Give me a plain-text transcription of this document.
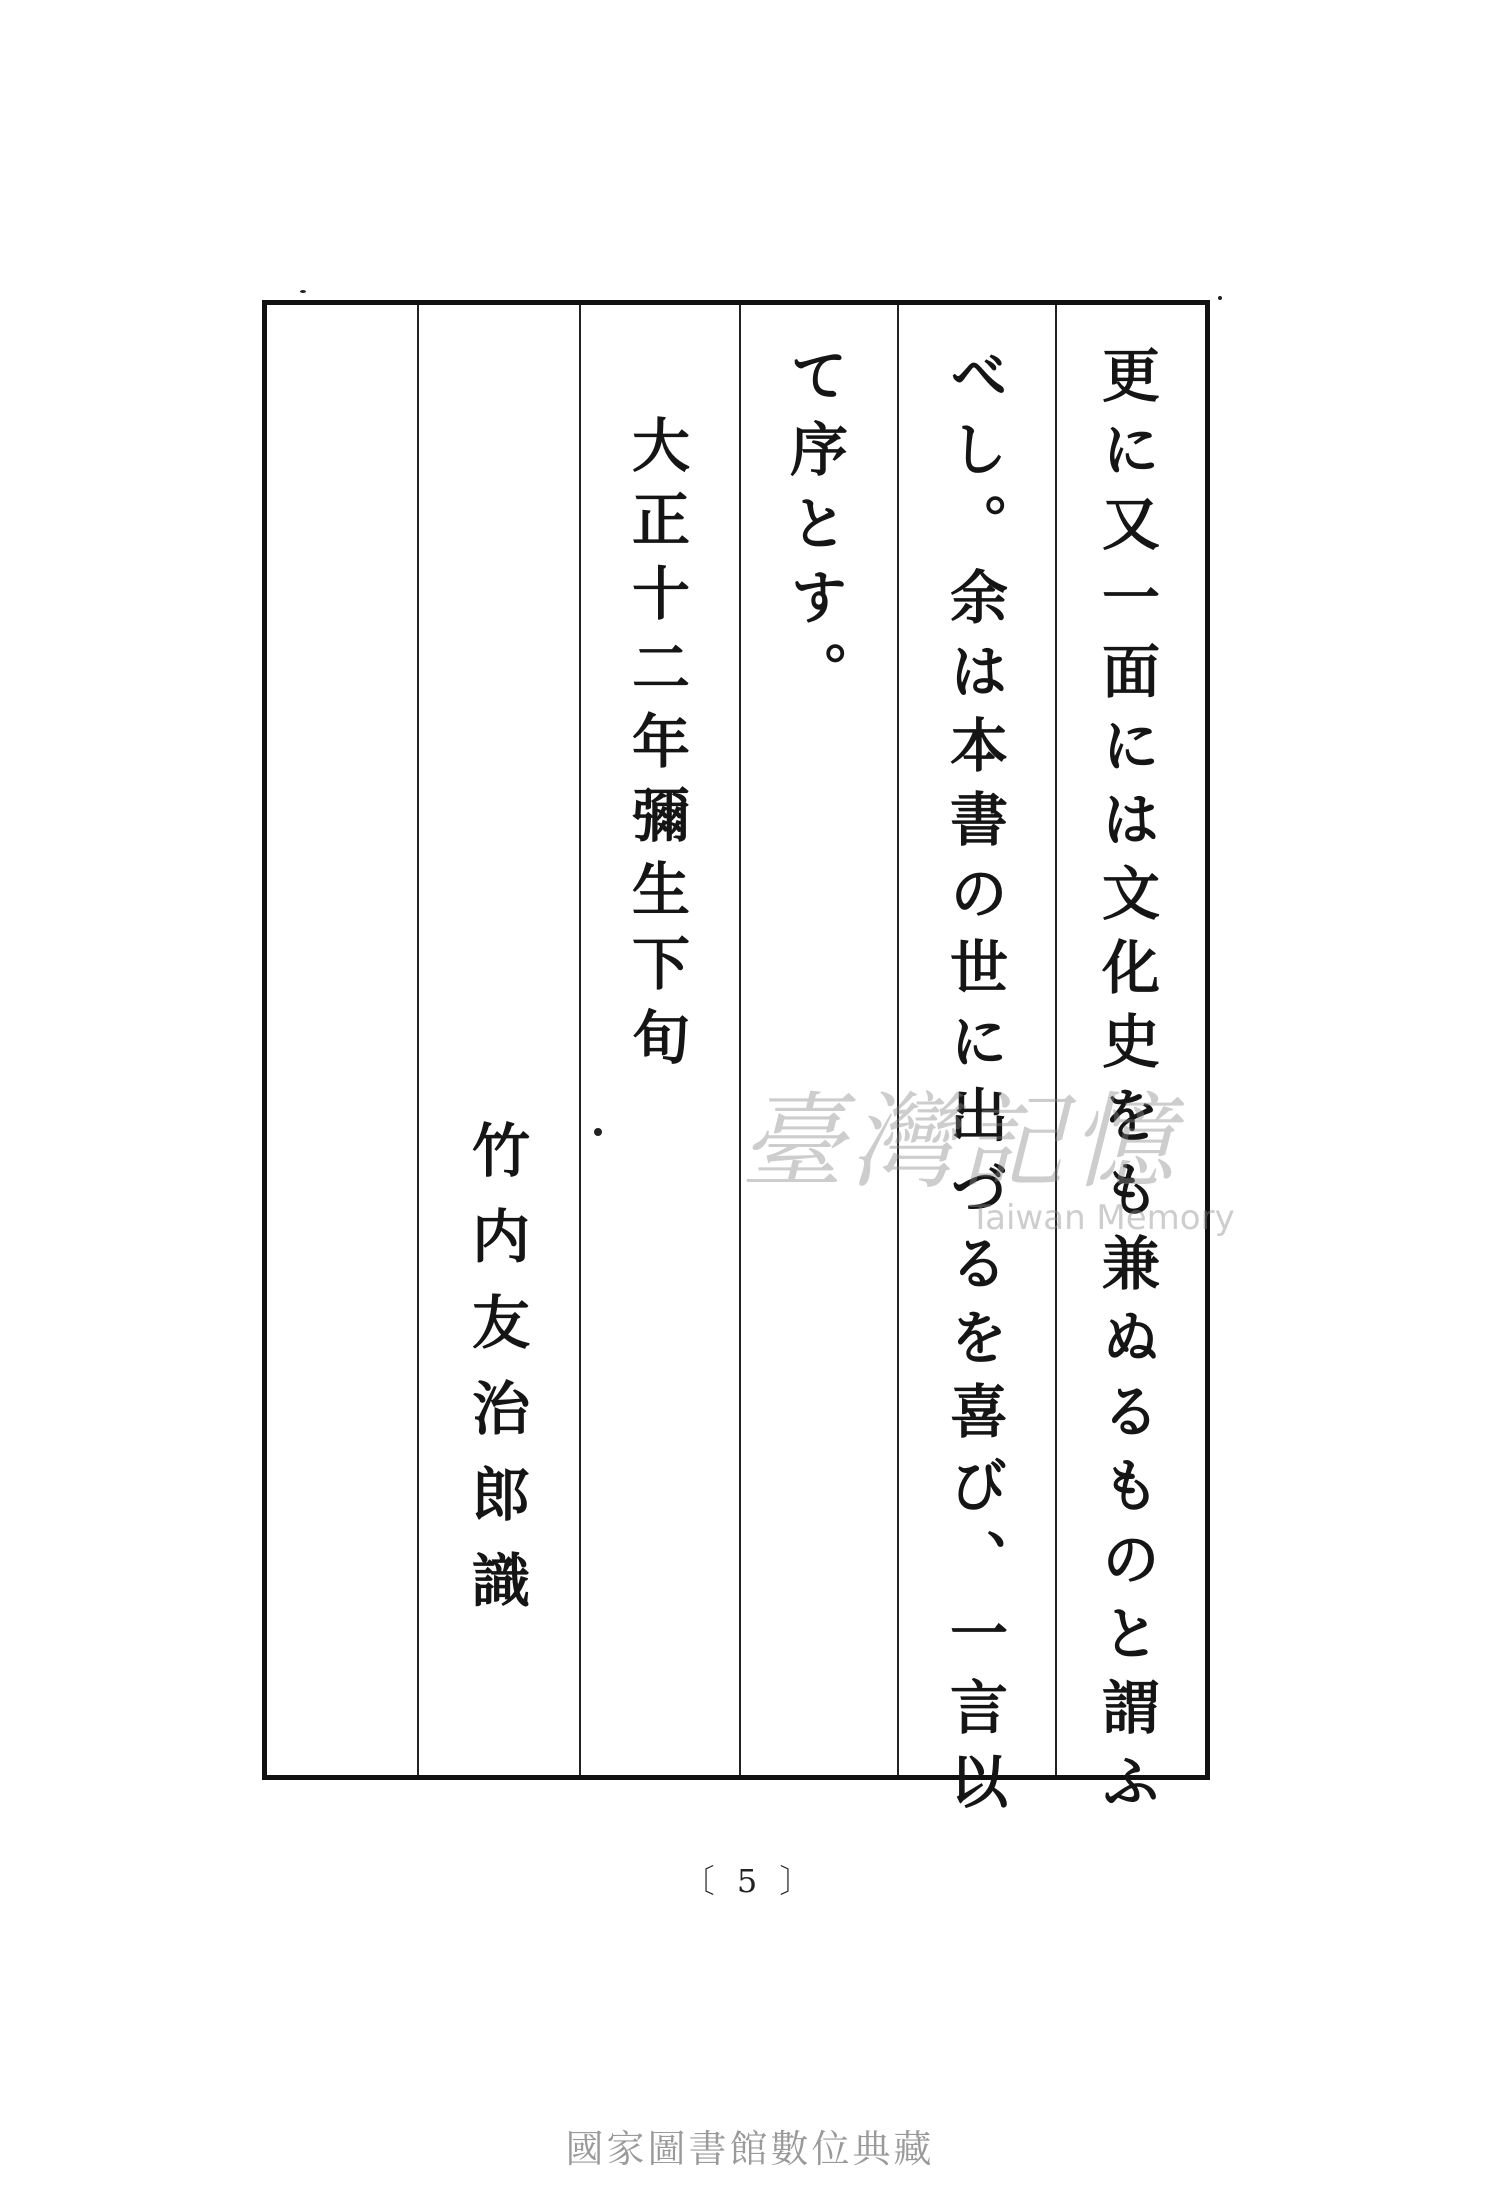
更に又一面には文化史をも兼ぬるものと謂ふ
べし。余は本書の世に出づるを喜び、一言以
て序とす。
大正十二年彌生下旬
竹内友治郎識 臺灣記憶
Taiwan Memory
〔 5 〕
國家圖書館數位典藏
